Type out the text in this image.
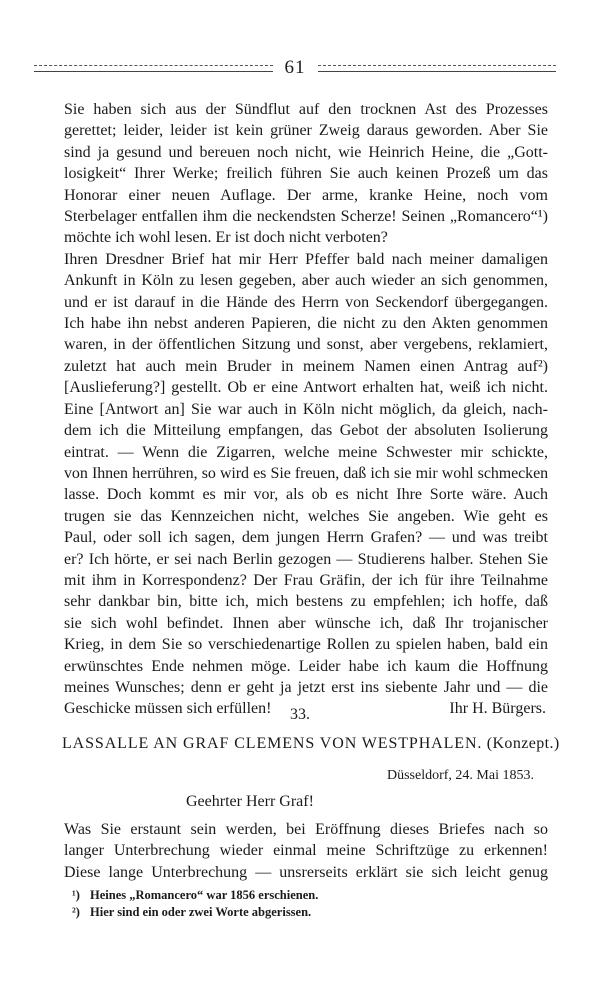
61
Sie haben sich aus der Sündflut auf den trocknen Ast des Prozesses
gerettet; leider, leider ist kein grüner Zweig daraus geworden. Aber Sie
sind ja gesund und bereuen noch nicht, wie Heinrich Heine, die „Gott-
losigkeit“ Ihrer Werke; freilich führen Sie auch keinen Prozeß um das
Honorar einer neuen Auflage. Der arme, kranke Heine, noch vom
Sterbelager entfallen ihm die neckendsten Scherze! Seinen „Romancero“¹)
möchte ich wohl lesen. Er ist doch nicht verboten?
Ihren Dresdner Brief hat mir Herr Pfeffer bald nach meiner damaligen
Ankunft in Köln zu lesen gegeben, aber auch wieder an sich genommen,
und er ist darauf in die Hände des Herrn von Seckendorf übergegangen.
Ich habe ihn nebst anderen Papieren, die nicht zu den Akten genommen
waren, in der öffentlichen Sitzung und sonst, aber vergebens, reklamiert,
zuletzt hat auch mein Bruder in meinem Namen einen Antrag auf²)
[Auslieferung?] gestellt. Ob er eine Antwort erhalten hat, weiß ich nicht.
Eine [Antwort an] Sie war auch in Köln nicht möglich, da gleich, nach-
dem ich die Mitteilung empfangen, das Gebot der absoluten Isolierung
eintrat. — Wenn die Zigarren, welche meine Schwester mir schickte,
von Ihnen herrühren, so wird es Sie freuen, daß ich sie mir wohl schmecken
lasse. Doch kommt es mir vor, als ob es nicht Ihre Sorte wäre. Auch
trugen sie das Kennzeichen nicht, welches Sie angeben. Wie geht es
Paul, oder soll ich sagen, dem jungen Herrn Grafen? — und was treibt
er? Ich hörte, er sei nach Berlin gezogen — Studierens halber. Stehen Sie
mit ihm in Korrespondenz? Der Frau Gräfin, der ich für ihre Teilnahme
sehr dankbar bin, bitte ich, mich bestens zu empfehlen; ich hoffe, daß
sie sich wohl befindet. Ihnen aber wünsche ich, daß Ihr trojanischer
Krieg, in dem Sie so verschiedenartige Rollen zu spielen haben, bald ein
erwünschtes Ende nehmen möge. Leider habe ich kaum die Hoffnung
meines Wunsches; denn er geht ja jetzt erst ins siebente Jahr und — die
Geschicke müssen sich erfüllen!	Ihr H. Bürgers.
33.
LASSALLE AN GRAF CLEMENS VON WESTPHALEN. (Konzept.)
Düsseldorf, 24. Mai 1853.
Geehrter Herr Graf!
Was Sie erstaunt sein werden, bei Eröffnung dieses Briefes nach so
langer Unterbrechung wieder einmal meine Schriftzüge zu erkennen!
Diese lange Unterbrechung — unsrerseits erklärt sie sich leicht genug
¹) Heines „Romancero“ war 1856 erschienen.
²) Hier sind ein oder zwei Worte abgerissen.
